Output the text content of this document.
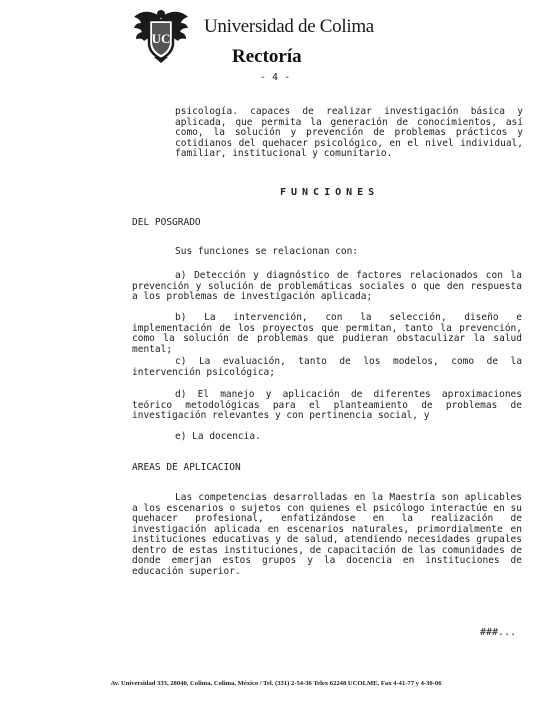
UC
Universidad de Colima
Rectoría
- 4 -
psicología. capaces de realizar investigación básica y aplicada, que permita la generación de conocimientos, así como, la solución y prevención de problemas prácticos y cotidianos del quehacer psicológico, en el nivel individual, familiar, institucional y comunitario.
FUNCIONES
DEL POSGRADO
Sus funciones se relacionan con:
a) Detección y diagnóstico de factores relacionados con la prevención y solución de problemáticas sociales o que den respuesta a los problemas de investigación aplicada;
b) La intervención, con la selección, diseño e implementación de los proyectos que permitan, tanto la prevención, como la solución de problemas que pudieran obstaculizar la salud mental;
c) La evaluación, tanto de los modelos, como de la intervención psicológica;
d) El manejo y aplicación de diferentes aproximaciones teórico metodológicas para el planteamiento de problemas de investigación relevantes y con pertinencia social, y
e) La docencia.
AREAS DE APLICACION
Las competencias desarrolladas en la Maestría son aplicables a los escenarios o sujetos con quienes el psicólogo interactúe en su quehacer profesional, enfatizándose en la realización de investigación aplicada en escenarios naturales, primordialmente en instituciones educativas y de salud, atendiendo necesidades grupales dentro de estas instituciones, de capacitación de las comunidades de donde emerjan estos grupos y la docencia en instituciones de educación superior.
###...
Av. Universidad 333, 28040, Colima, Colima, México / Tel. (331) 2-54-36 Telex 62248 UCOLME, Fax 4-41-77 y 4-30-06
